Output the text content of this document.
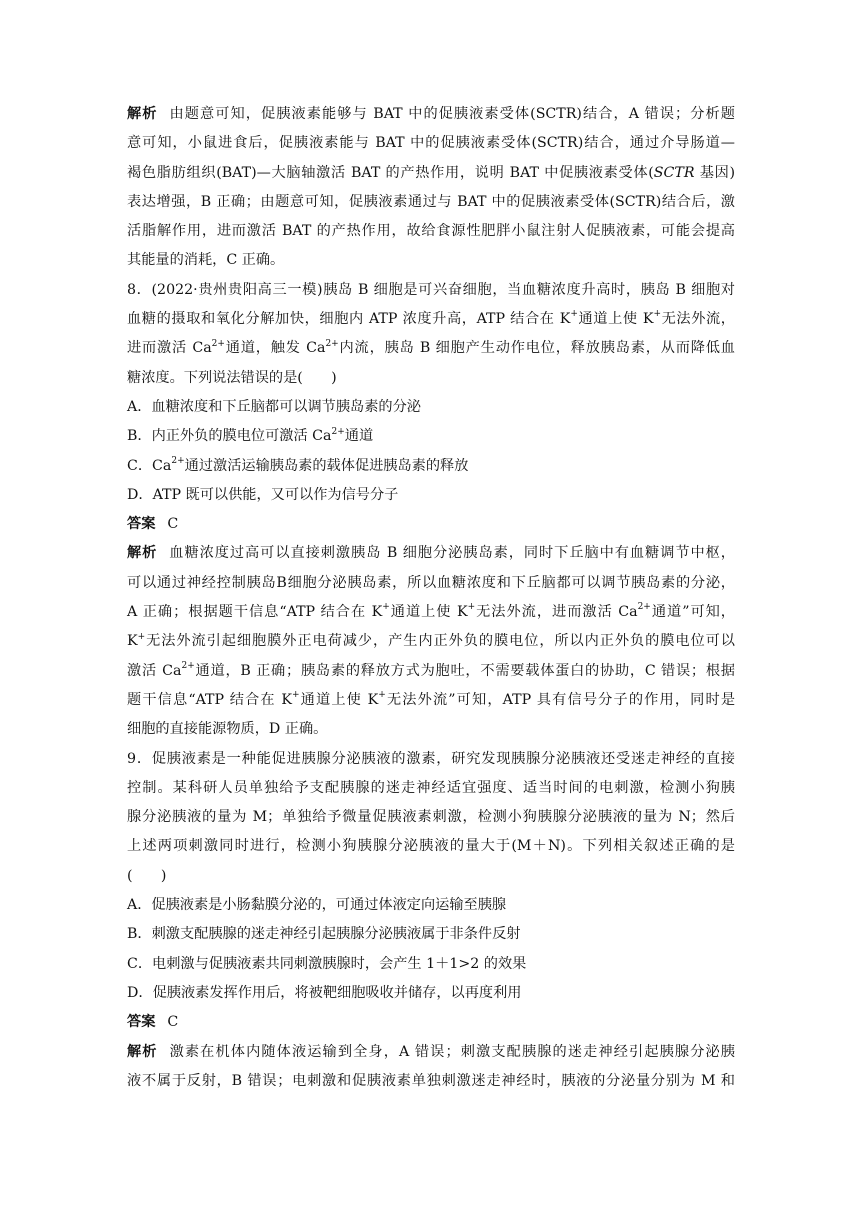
解析 由题意可知，促胰液素能够与 BAT 中的促胰液素受体(SCTR)结合，A 错误；分析题
意可知，小鼠进食后，促胰液素能与 BAT 中的促胰液素受体(SCTR)结合，通过介导肠道—
褐色脂肪组织(BAT)—大脑轴激活 BAT 的产热作用，说明 BAT 中促胰液素受体(SCTR 基因)
表达增强，B 正确；由题意可知，促胰液素通过与 BAT 中的促胰液素受体(SCTR)结合后，激
活脂解作用，进而激活 BAT 的产热作用，故给食源性肥胖小鼠注射人促胰液素，可能会提高
其能量的消耗，C 正确。
8．(2022·贵州贵阳高三一模)胰岛 B 细胞是可兴奋细胞，当血糖浓度升高时，胰岛 B 细胞对
血糖的摄取和氧化分解加快，细胞内 ATP 浓度升高，ATP 结合在 K+通道上使 K+无法外流，
进而激活 $Ca^{2+}$通道，触发 $Ca^{2+}$内流，胰岛 B 细胞产生动作电位，释放胰岛素，从而降低血
糖浓度。下列说法错误的是(　　)
A．血糖浓度和下丘脑都可以调节胰岛素的分泌
B．内正外负的膜电位可激活 $Ca^{2+}$通道
C．$Ca^{2+}$通过激活运输胰岛素的载体促进胰岛素的释放
D．ATP 既可以供能，又可以作为信号分子
答案 C
解析 血糖浓度过高可以直接刺激胰岛 B 细胞分泌胰岛素，同时下丘脑中有血糖调节中枢，
可以通过神经控制胰岛B细胞分泌胰岛素，所以血糖浓度和下丘脑都可以调节胰岛素的分泌，
A 正确；根据题干信息“ATP 结合在 K+通道上使 K+无法外流，进而激活 $Ca^{2+}$通道”可知，
K+无法外流引起细胞膜外正电荷减少，产生内正外负的膜电位，所以内正外负的膜电位可以
激活 $Ca^{2+}$通道，B 正确；胰岛素的释放方式为胞吐，不需要载体蛋白的协助，C 错误；根据
题干信息“ATP 结合在 K+通道上使 K+无法外流”可知，ATP 具有信号分子的作用，同时是
细胞的直接能源物质，D 正确。
9．促胰液素是一种能促进胰腺分泌胰液的激素，研究发现胰腺分泌胰液还受迷走神经的直接
控制。某科研人员单独给予支配胰腺的迷走神经适宜强度、适当时间的电刺激，检测小狗胰
腺分泌胰液的量为 M；单独给予微量促胰液素刺激，检测小狗胰腺分泌胰液的量为 N；然后
上述两项刺激同时进行，检测小狗胰腺分泌胰液的量大于(M＋N)。下列相关叙述正确的是
(　　)
A．促胰液素是小肠黏膜分泌的，可通过体液定向运输至胰腺
B．刺激支配胰腺的迷走神经引起胰腺分泌胰液属于非条件反射
C．电刺激与促胰液素共同刺激胰腺时，会产生 1＋1>2 的效果
D．促胰液素发挥作用后，将被靶细胞吸收并储存，以再度利用
答案 C
解析 激素在机体内随体液运输到全身，A 错误；刺激支配胰腺的迷走神经引起胰腺分泌胰
液不属于反射，B 错误；电刺激和促胰液素单独刺激迷走神经时，胰液的分泌量分别为 M 和
